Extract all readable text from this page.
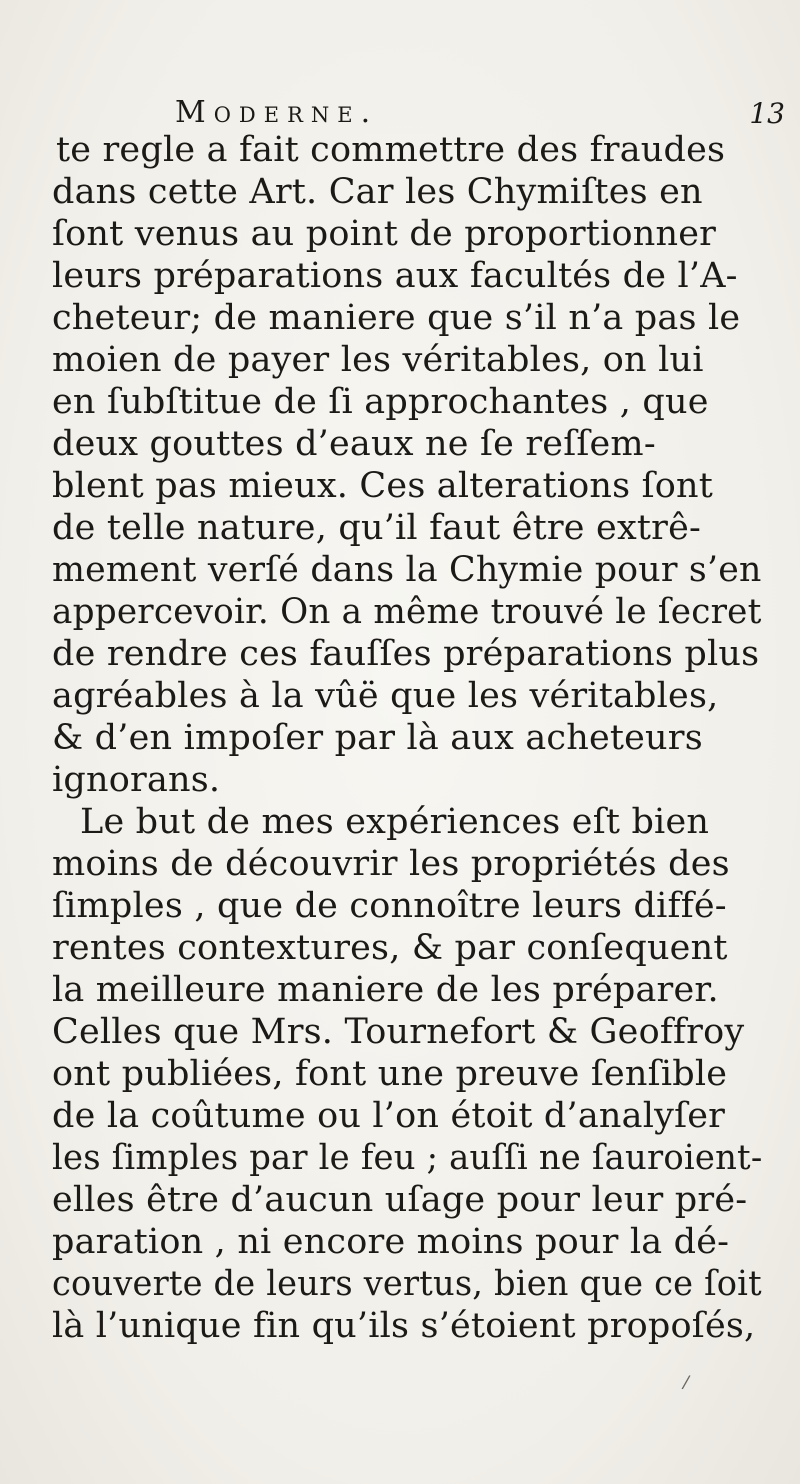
Moderne.	13
te regle a fait commettre des fraudes
dans cette Art. Car les Chymiſtes en
ſont venus au point de proportionner
leurs préparations aux facultés de l’A-
cheteur; de maniere que s’il n’a pas le
moien de payer les véritables, on lui
en ſubſtitue de ſi approchantes , que
deux gouttes d’eaux ne ſe reſſem-
blent pas mieux. Ces alterations ſont
de telle nature, qu’il faut être extrê-
mement verſé dans la Chymie pour s’en
appercevoir. On a même trouvé le ſecret
de rendre ces fauſſes préparations plus
agréables à la vûë que les véritables,
& d’en impoſer par là aux acheteurs
ignorans.
Le but de mes expériences eſt bien
moins de découvrir les propriétés des
ſimples , que de connoître leurs diffé-
rentes contextures, & par conſequent
la meilleure maniere de les préparer.
Celles que Mrs. Tournefort & Geoffroy
ont publiées, font une preuve ſenſible
de la coûtume ou l’on étoit d’analyſer
les ſimples par le feu ; auſſi ne ſauroient-
elles être d’aucun uſage pour leur pré-
paration , ni encore moins pour la dé-
couverte de leurs vertus, bien que ce ſoit
là l’unique fin qu’ils s’étoient propoſés,
/
